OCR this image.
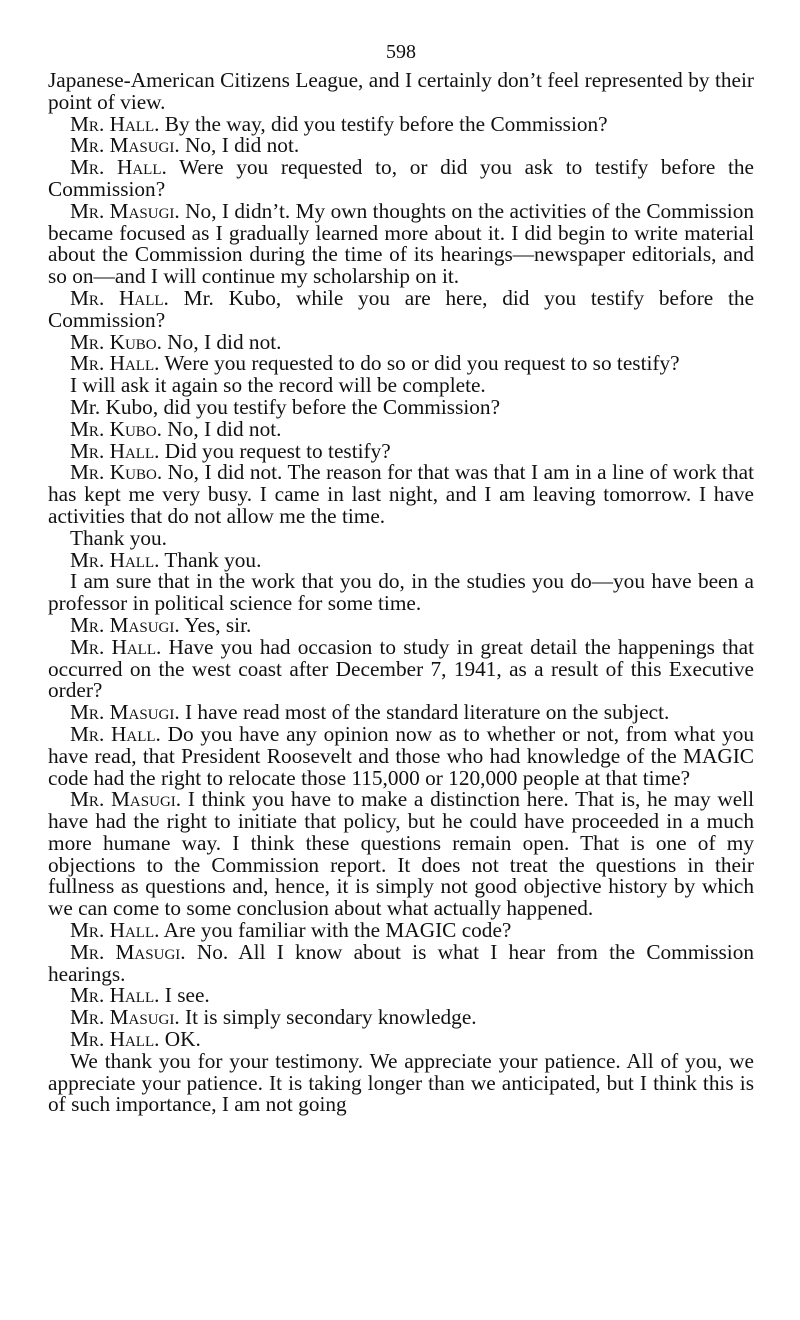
598

Japanese-American Citizens League, and I certainly don’t feel represented by their point of view.

Mr. Hall. By the way, did you testify before the Commission?

Mr. Masugi. No, I did not.

Mr. Hall. Were you requested to, or did you ask to testify before the Commission?

Mr. Masugi. No, I didn’t. My own thoughts on the activities of the Commission became focused as I gradually learned more about it. I did begin to write material about the Commission during the time of its hearings—newspaper editorials, and so on—and I will continue my scholarship on it.

Mr. Hall. Mr. Kubo, while you are here, did you testify before the Commission?

Mr. Kubo. No, I did not.

Mr. Hall. Were you requested to do so or did you request to so testify?

I will ask it again so the record will be complete.

Mr. Kubo, did you testify before the Commission?

Mr. Kubo. No, I did not.

Mr. Hall. Did you request to testify?

Mr. Kubo. No, I did not. The reason for that was that I am in a line of work that has kept me very busy. I came in last night, and I am leaving tomorrow. I have activities that do not allow me the time.

Thank you.

Mr. Hall. Thank you.

I am sure that in the work that you do, in the studies you do—you have been a professor in political science for some time.

Mr. Masugi. Yes, sir.

Mr. Hall. Have you had occasion to study in great detail the happenings that occurred on the west coast after December 7, 1941, as a result of this Executive order?

Mr. Masugi. I have read most of the standard literature on the subject.

Mr. Hall. Do you have any opinion now as to whether or not, from what you have read, that President Roosevelt and those who had knowledge of the MAGIC code had the right to relocate those 115,000 or 120,000 people at that time?

Mr. Masugi. I think you have to make a distinction here. That is, he may well have had the right to initiate that policy, but he could have proceeded in a much more humane way. I think these questions remain open. That is one of my objections to the Commission report. It does not treat the questions in their fullness as questions and, hence, it is simply not good objective history by which we can come to some conclusion about what actually happened.

Mr. Hall. Are you familiar with the MAGIC code?

Mr. Masugi. No. All I know about is what I hear from the Commission hearings.

Mr. Hall. I see.

Mr. Masugi. It is simply secondary knowledge.

Mr. Hall. OK.

We thank you for your testimony. We appreciate your patience. All of you, we appreciate your patience. It is taking longer than we anticipated, but I think this is of such importance, I am not going
